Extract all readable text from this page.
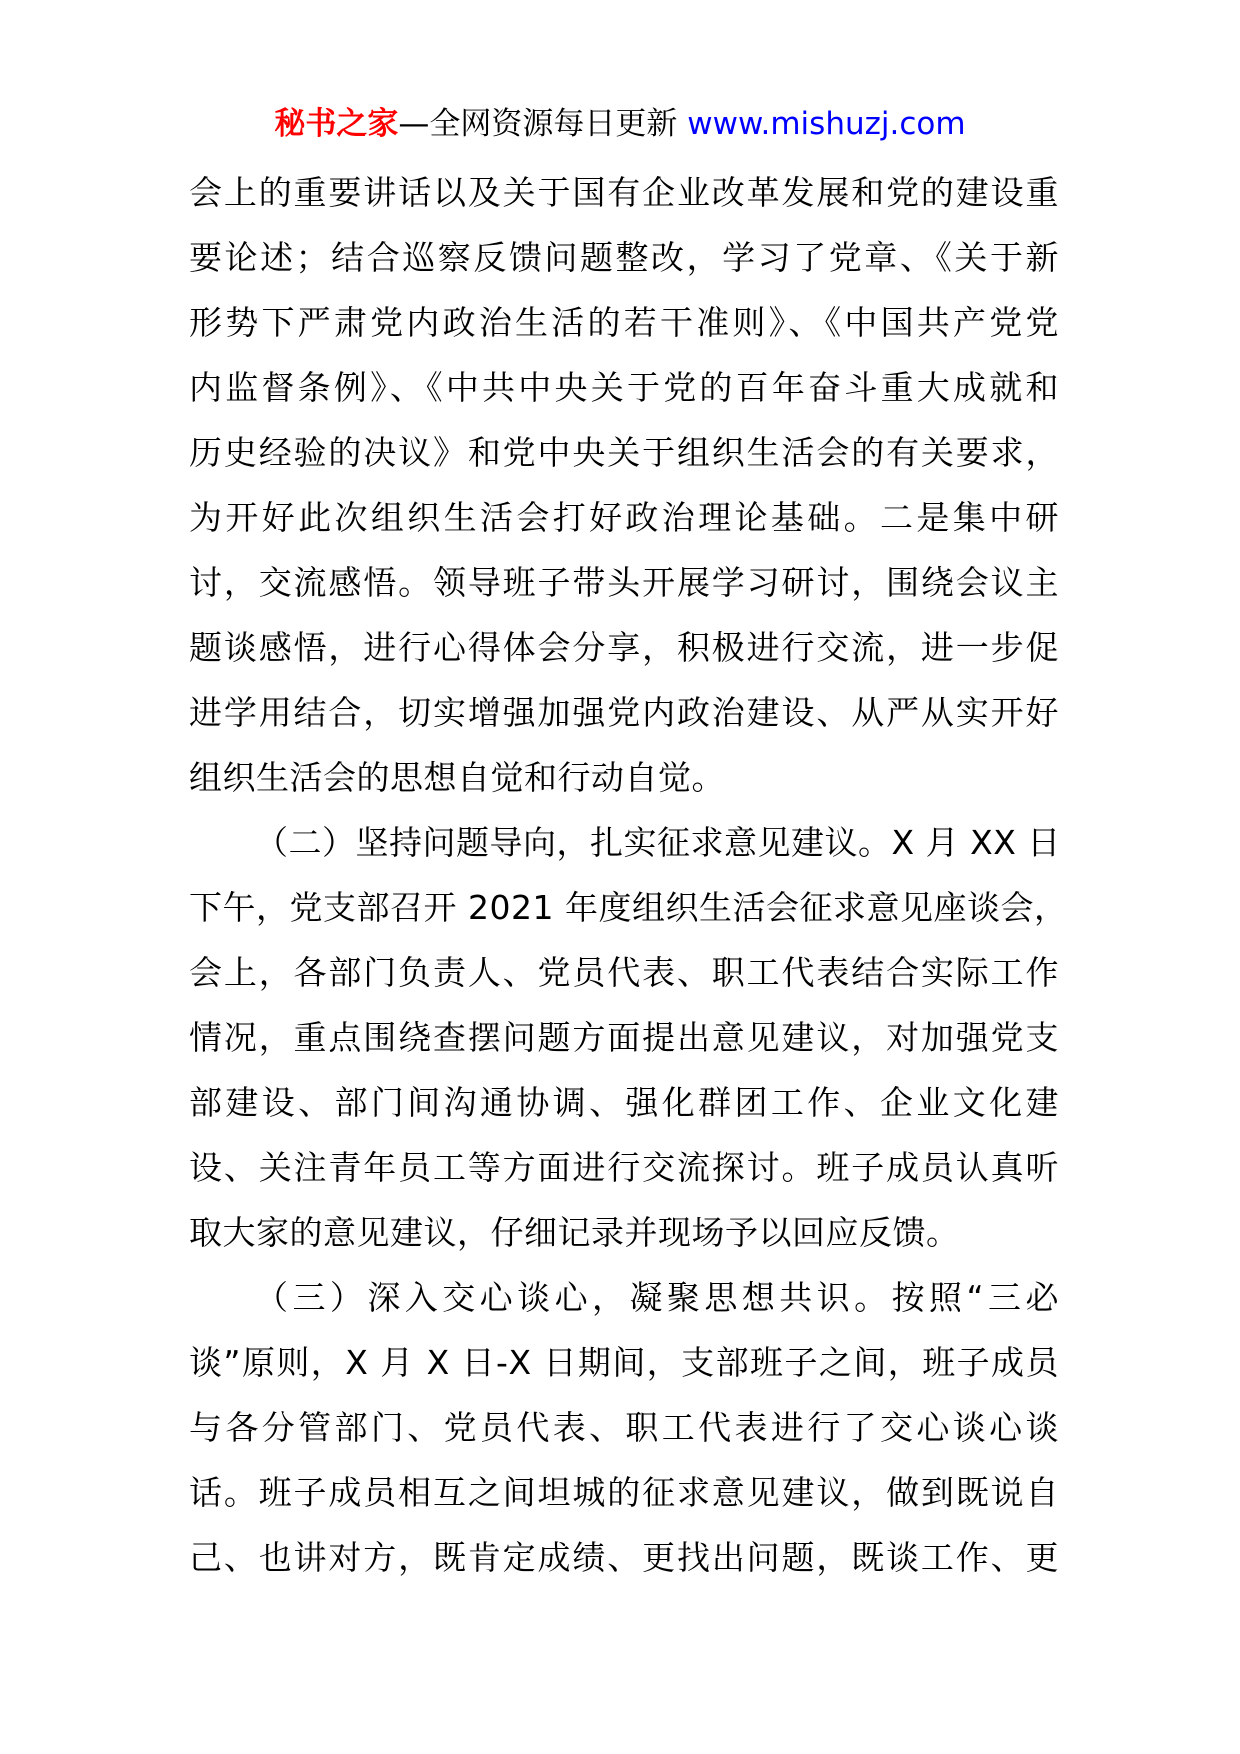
秘书之家—全网资源每日更新 www.mishuzj.com
会上的重要讲话以及关于国有企业改革发展和党的建设重
要论述；结合巡察反馈问题整改，学习了党章、《关于新
形势下严肃党内政治生活的若干准则》、《中国共产党党
内监督条例》、《中共中央关于党的百年奋斗重大成就和
历史经验的决议》和党中央关于组织生活会的有关要求，
为开好此次组织生活会打好政治理论基础。二是集中研
讨，交流感悟。领导班子带头开展学习研讨，围绕会议主
题谈感悟，进行心得体会分享，积极进行交流，进一步促
进学用结合，切实增强加强党内政治建设、从严从实开好
组织生活会的思想自觉和行动自觉。
（二）坚持问题导向，扎实征求意见建议。X 月 XX 日
下午，党支部召开 2021 年度组织生活会征求意见座谈会，
会上，各部门负责人、党员代表、职工代表结合实际工作
情况，重点围绕查摆问题方面提出意见建议，对加强党支
部建设、部门间沟通协调、强化群团工作、企业文化建
设、关注青年员工等方面进行交流探讨。班子成员认真听
取大家的意见建议，仔细记录并现场予以回应反馈。
（三）深入交心谈心，凝聚思想共识。按照“三必
谈”原则，X 月 X 日-X 日期间，支部班子之间，班子成员
与各分管部门、党员代表、职工代表进行了交心谈心谈
话。班子成员相互之间坦城的征求意见建议，做到既说自
己、也讲对方，既肯定成绩、更找出问题，既谈工作、更
